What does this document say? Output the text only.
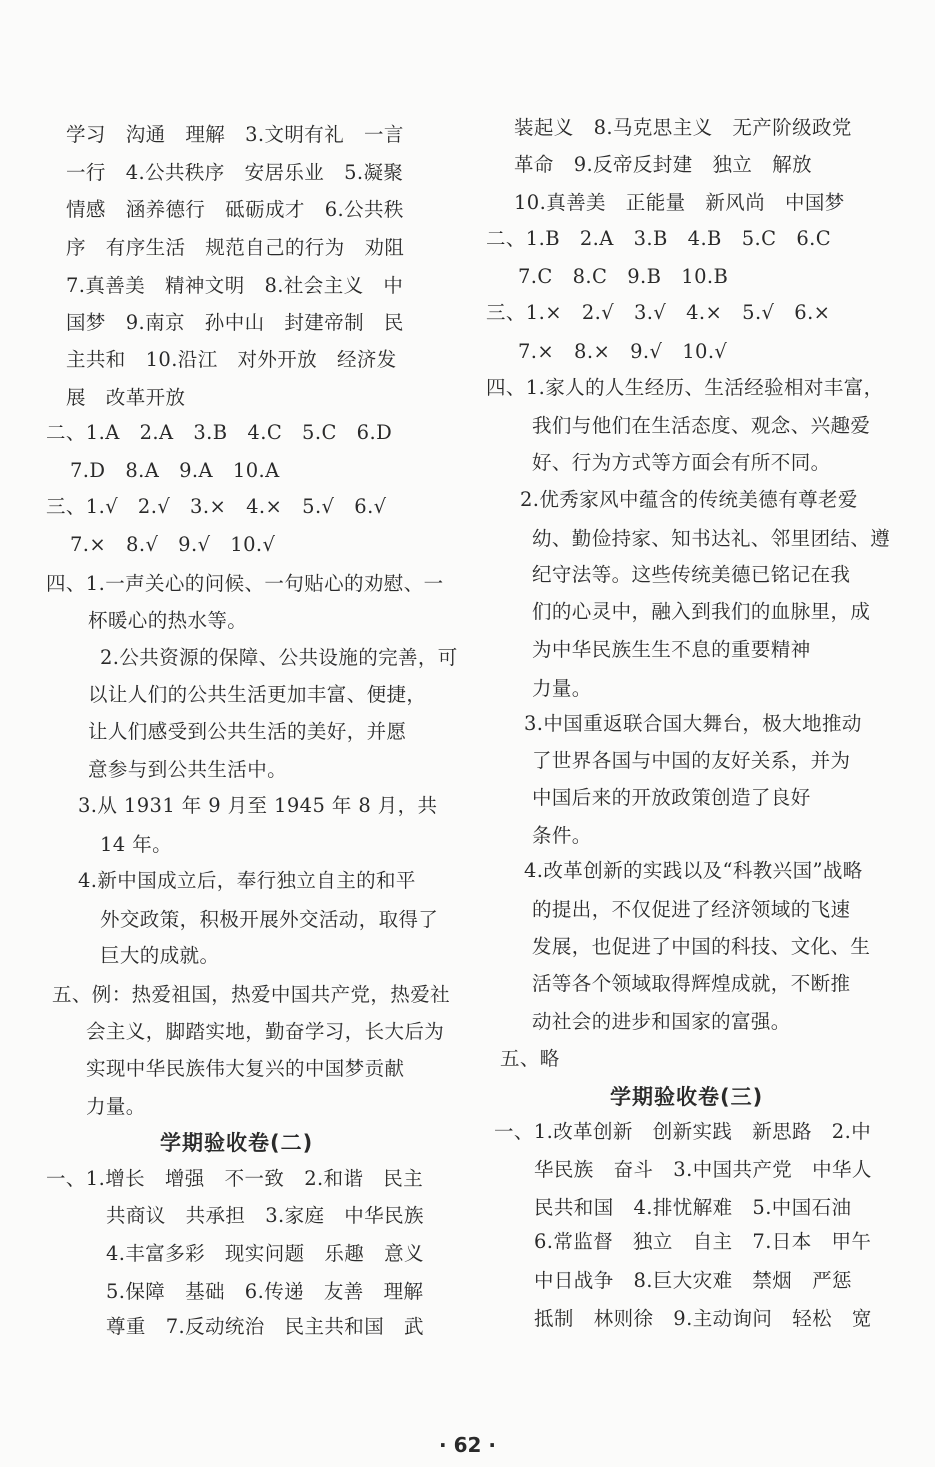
学习　沟通　理解　3.文明有礼　一言
一行　4.公共秩序　安居乐业　5.凝聚
情感　涵养德行　砥砺成才　6.公共秩
序　有序生活　规范自己的行为　劝阻
7.真善美　精神文明　8.社会主义　中
国梦　9.南京　孙中山　封建帝制　民
主共和　10.沿江　对外开放　经济发
展　改革开放
二、1.A　2.A　3.B　4.C　5.C　6.D
7.D　8.A　9.A　10.A
三、1.√　2.√　3.×　4.×　5.√　6.√
7.×　8.√　9.√　10.√
四、1.一声关心的问候、一句贴心的劝慰、一
杯暖心的热水等。
2.公共资源的保障、公共设施的完善，可
以让人们的公共生活更加丰富、便捷，
让人们感受到公共生活的美好，并愿
意参与到公共生活中。
3.从 1931 年 9 月至 1945 年 8 月，共
14 年。
4.新中国成立后，奉行独立自主的和平
外交政策，积极开展外交活动，取得了
巨大的成就。
五、例：热爱祖国，热爱中国共产党，热爱社
会主义，脚踏实地，勤奋学习，长大后为
实现中华民族伟大复兴的中国梦贡献
力量。
学期验收卷(二)
一、1.增长　增强　不一致　2.和谐　民主
共商议　共承担　3.家庭　中华民族
4.丰富多彩　现实问题　乐趣　意义
5.保障　基础　6.传递　友善　理解
尊重　7.反动统治　民主共和国　武
装起义　8.马克思主义　无产阶级政党
革命　9.反帝反封建　独立　解放
10.真善美　正能量　新风尚　中国梦
二、1.B　2.A　3.B　4.B　5.C　6.C
7.C　8.C　9.B　10.B
三、1.×　2.√　3.√　4.×　5.√　6.×
7.×　8.×　9.√　10.√
四、1.家人的人生经历、生活经验相对丰富，
我们与他们在生活态度、观念、兴趣爱
好、行为方式等方面会有所不同。
2.优秀家风中蕴含的传统美德有尊老爱
幼、勤俭持家、知书达礼、邻里团结、遵
纪守法等。这些传统美德已铭记在我
们的心灵中，融入到我们的血脉里，成
为中华民族生生不息的重要精神
力量。
3.中国重返联合国大舞台，极大地推动
了世界各国与中国的友好关系，并为
中国后来的开放政策创造了良好
条件。
4.改革创新的实践以及“科教兴国”战略
的提出，不仅促进了经济领域的飞速
发展，也促进了中国的科技、文化、生
活等各个领域取得辉煌成就，不断推
动社会的进步和国家的富强。
五、略
学期验收卷(三)
一、1.改革创新　创新实践　新思路　2.中
华民族　奋斗　3.中国共产党　中华人
民共和国　4.排忧解难　5.中国石油
6.常监督　独立　自主　7.日本　甲午
中日战争　8.巨大灾难　禁烟　严惩
抵制　林则徐　9.主动询问　轻松　宽
· 62 ·
